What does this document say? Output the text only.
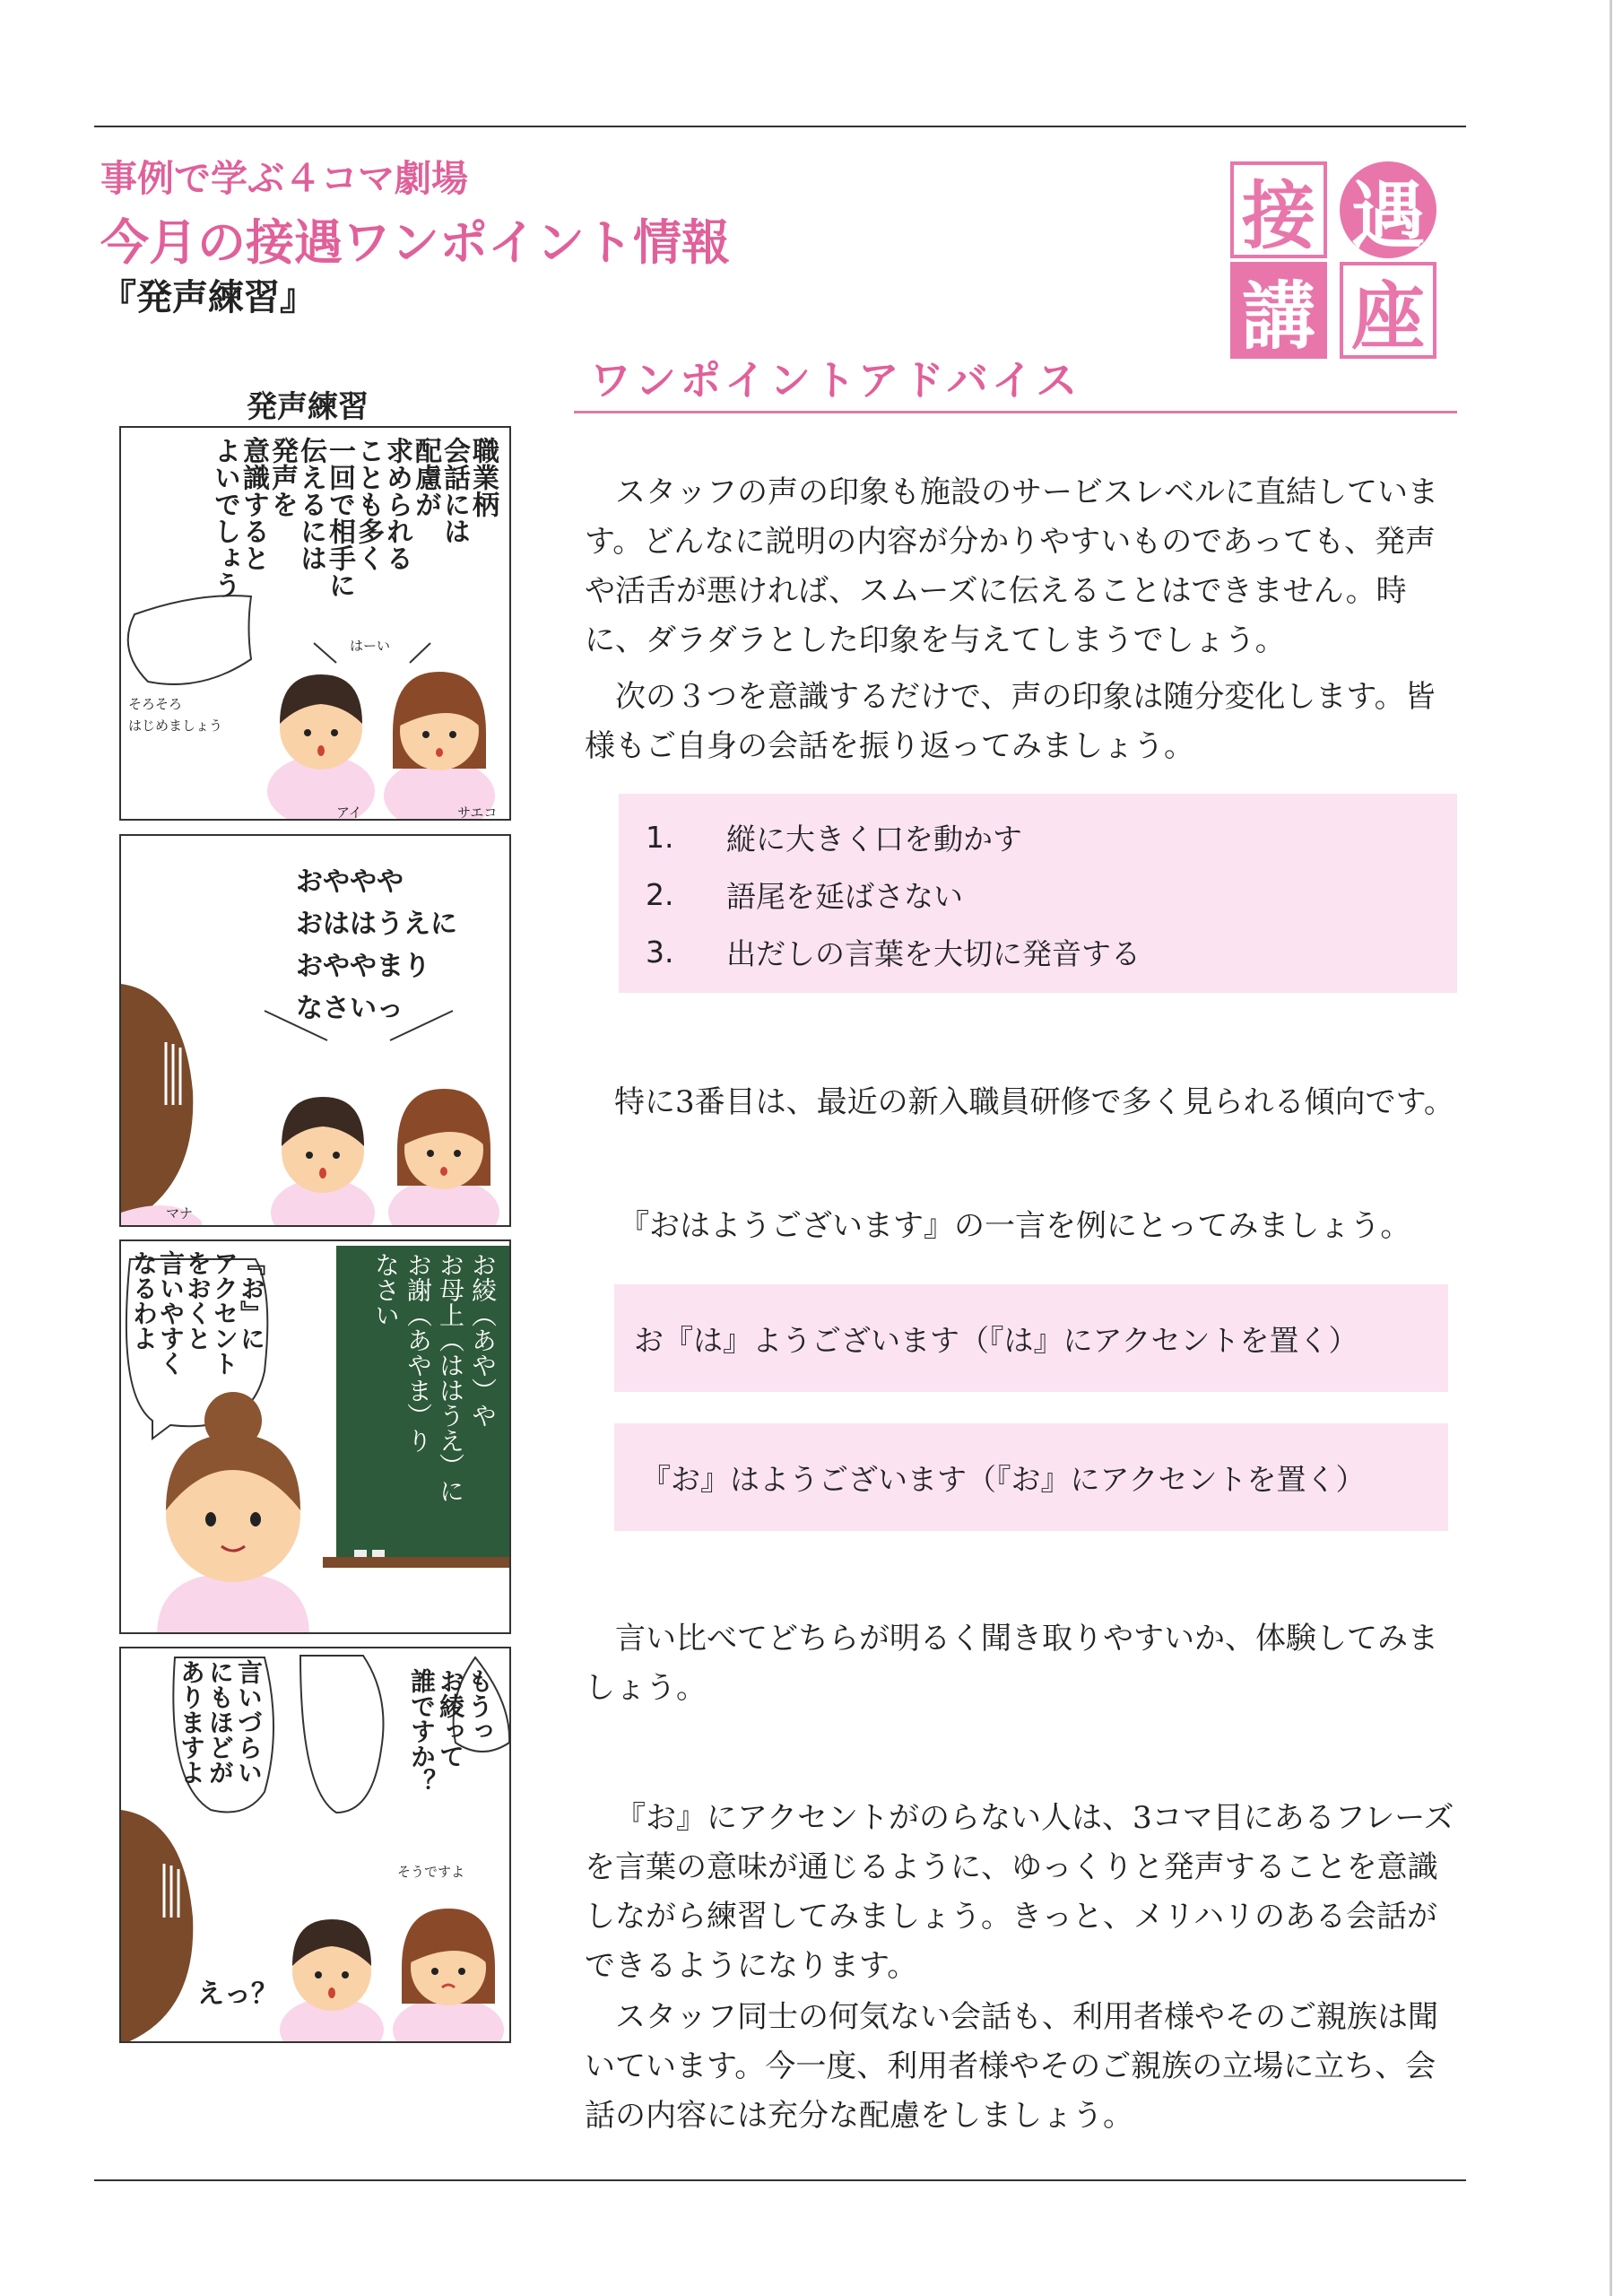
事例で学ぶ４コマ劇場
今月の接遇ワンポイント情報
『発声練習』
接 遇
講 座
ワンポイントアドバイス
スタッフの声の印象も施設のサービスレベルに直結しています。どんなに説明の内容が分かりやすいものであっても、発声や活舌が悪ければ、スムーズに伝えることはできません。時に、ダラダラとした印象を与えてしまうでしょう。
次の３つを意識するだけで、声の印象は随分変化します。皆様もご自身の会話を振り返ってみましょう。
1.	縦に大きく口を動かす
2.	語尾を延ばさない
3.	出だしの言葉を大切に発音する
特に3番目は、最近の新入職員研修で多く見られる傾向です。
『おはようございます』の一言を例にとってみましょう。
お『は』ようございます（『は』にアクセントを置く）
『お』はようございます（『お』にアクセントを置く）
言い比べてどちらが明るく聞き取りやすいか、体験してみましょう。
『お』にアクセントがのらない人は、3コマ目にあるフレーズを言葉の意味が通じるように、ゆっくりと発声することを意識しながら練習してみましょう。きっと、メリハリのある会話ができるようになります。
スタッフ同士の何気ない会話も、利用者様やそのご親族は聞いています。今一度、利用者様やそのご親族の立場に立ち、会話の内容には充分な配慮をしましょう。
発声練習
職業柄
会話には
配慮が
求められる
ことも多く
一回で相手に
伝えるには
発声を
意識すると
よいでしょう
はーい
そろそろ
はじめましょう
アイ	サエコ
おややや
おははうえに
おややまり
なさいっ
マナ
お綾（あや）や
お母上（ははうえ）に
お謝（あやま）り
なさい
『お』に
アクセント
をおくと
言いやすく
なるわよ
もうっ
お綾って
誰ですか？
言いづらい
にもほどが
ありますよ
そうですよ
えっ？
